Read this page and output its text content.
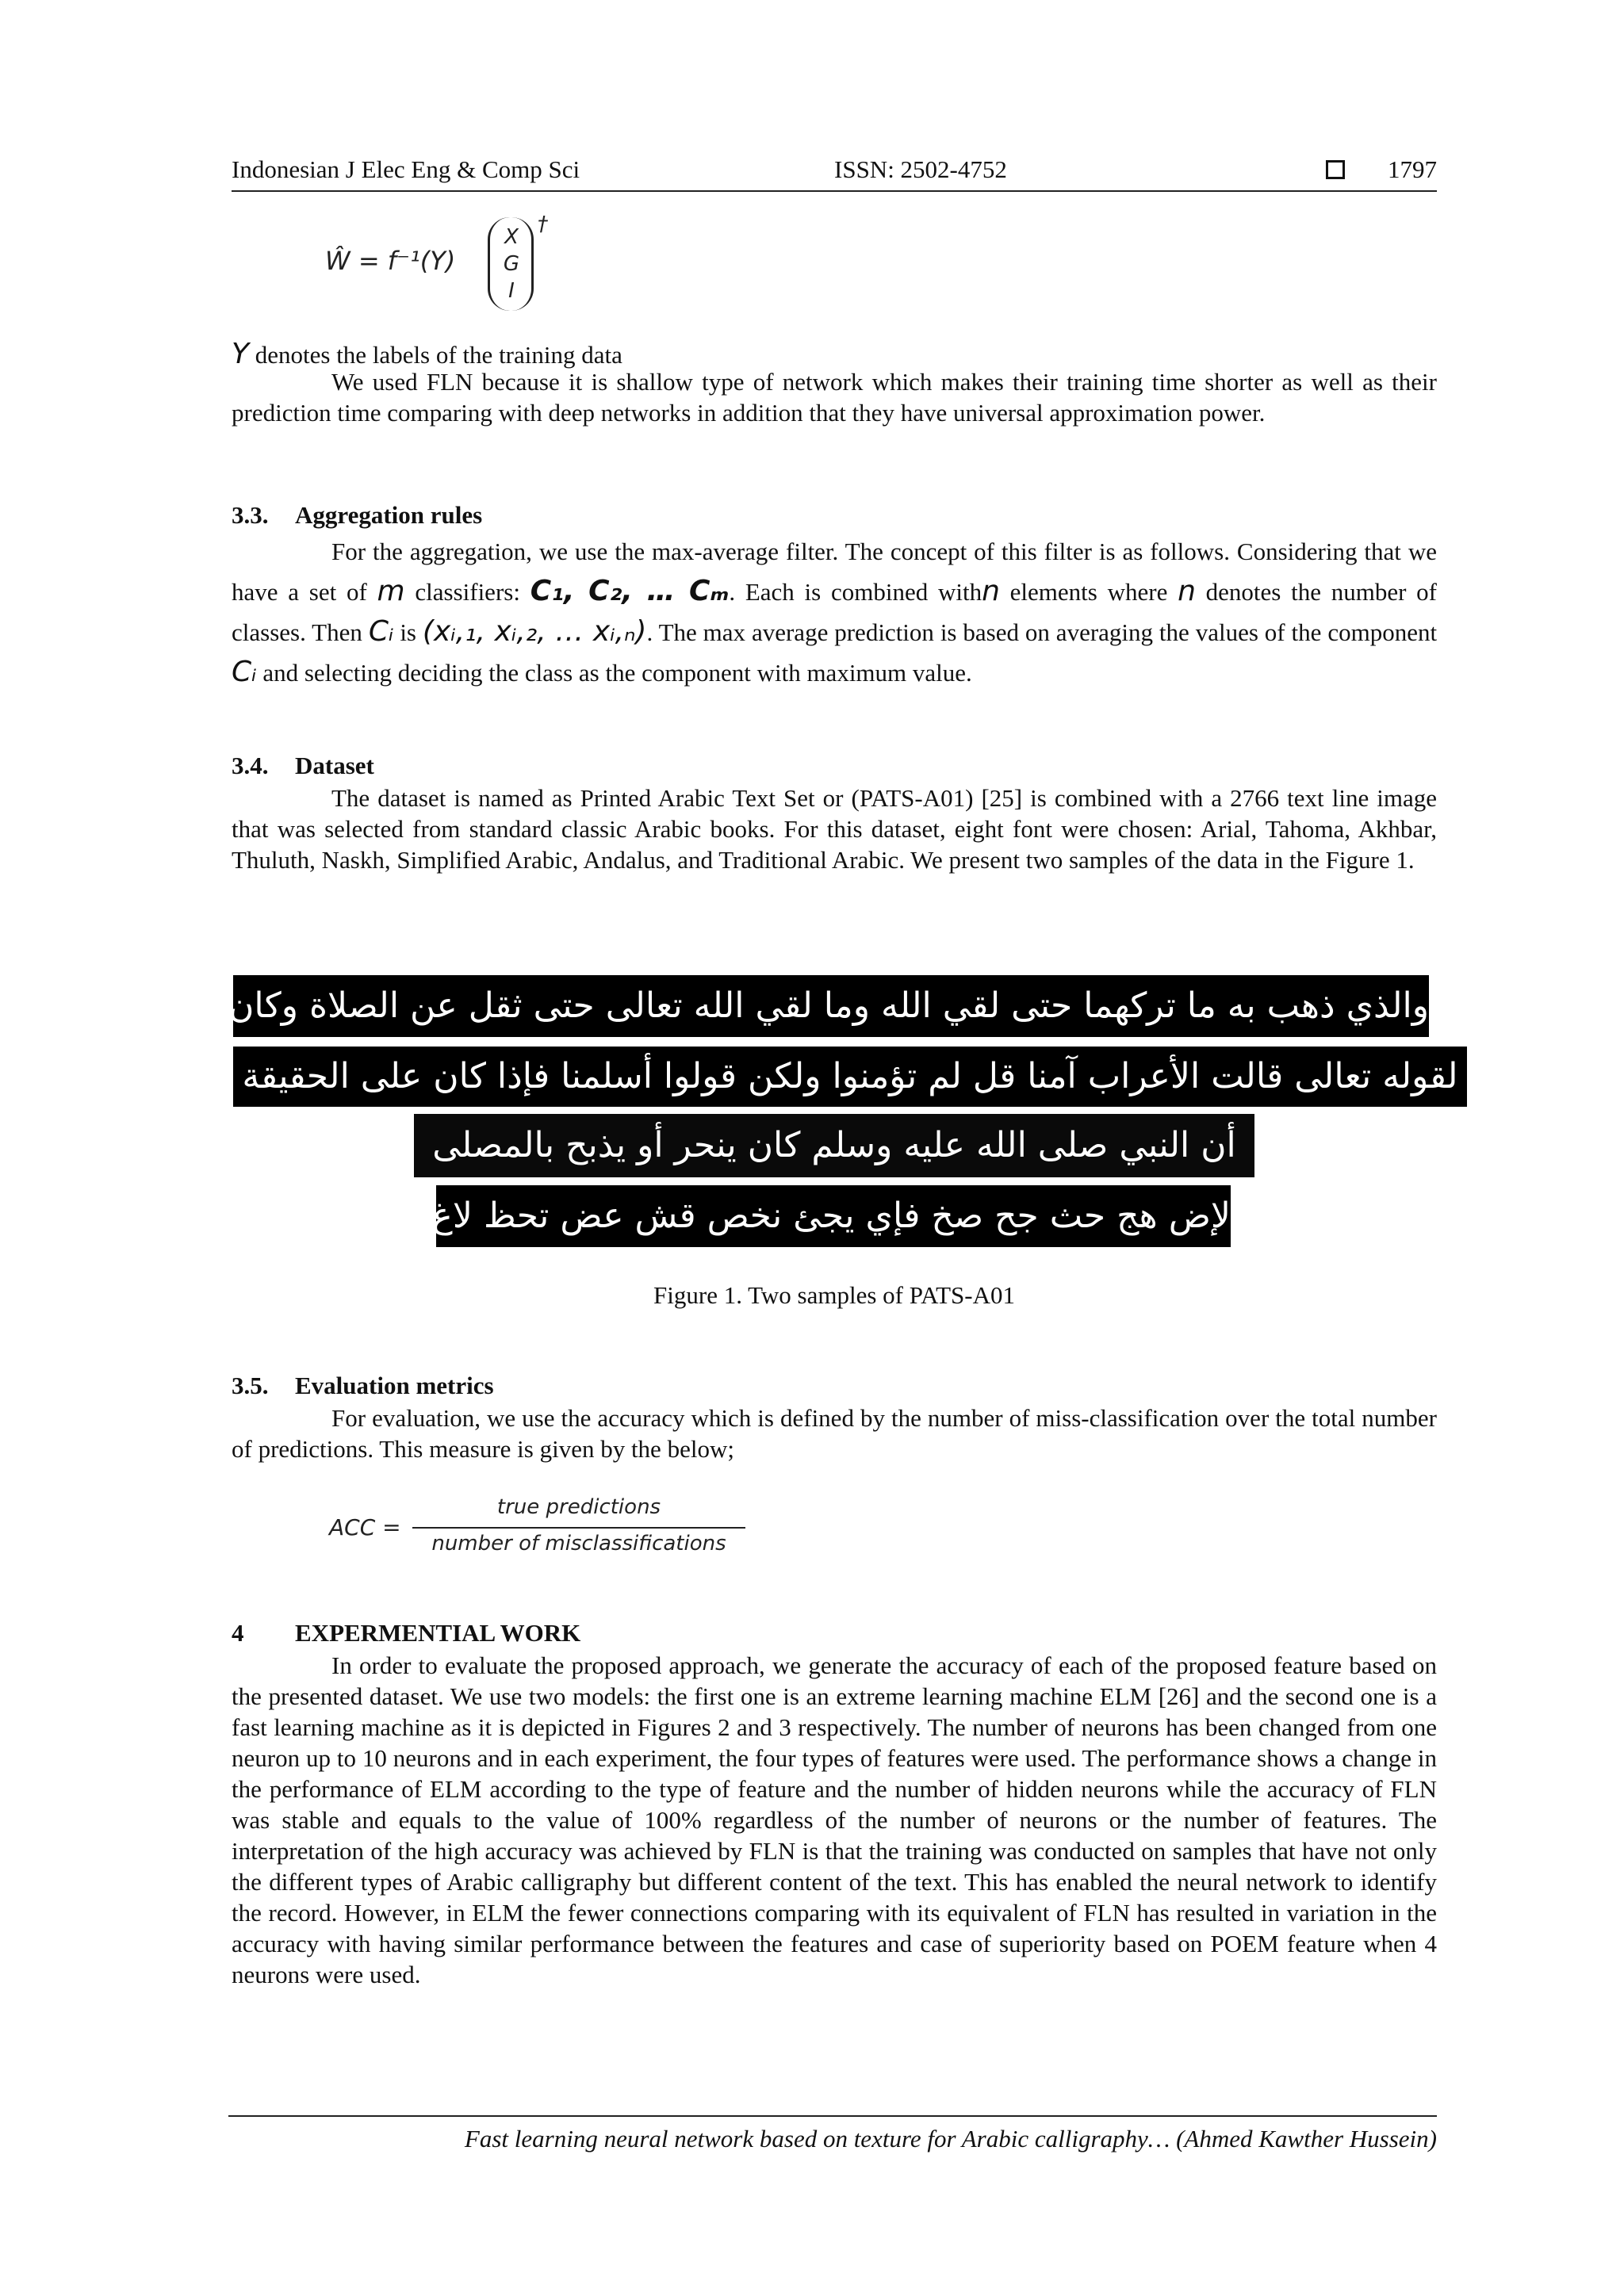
Indonesian J Elec Eng & Comp Sci	ISSN: 2502-4752	1797
Ŵ = f⁻¹(Y)
X
G
I
†
Y denotes the labels of the training data

We used FLN because it is shallow type of network which makes their training time shorter as well as their prediction time comparing with deep networks in addition that they have universal approximation power.

3.3. Aggregation rules
For the aggregation, we use the max-average filter. The concept of this filter is as follows. Considering that we have a set of m classifiers: C₁, C₂, … Cₘ. Each is combined withn elements where n denotes the number of classes. Then Cᵢ is (xᵢ,₁, xᵢ,₂, … xᵢ,ₙ). The max average prediction is based on averaging the values of the component Cᵢ and selecting deciding the class as the component with maximum value.
3.4. Dataset

The dataset is named as Printed Arabic Text Set or (PATS-A01) [25] is combined with a 2766 text line image that was selected from standard classic Arabic books. For this dataset, eight font were chosen: Arial, Tahoma, Akhbar, Thuluth, Naskh, Simplified Arabic, Andalus, and Traditional Arabic. We present two samples of the data in the Figure 1.

والذي ذهب به ما تركهما حتى لقي الله وما لقي الله تعالى حتى ثقل عن الصلاة وكان يصلي كثيرا
لقوله تعالى قالت الأعراب آمنا قل لم تؤمنوا ولكن قولوا أسلمنا فإذا كان على الحقيقة
أن النبي صلى الله عليه وسلم كان ينحر أو يذبح بالمصلى
لإض هج حث جح صخ فإي يجئ نخص قش عض تحظ لاغ للآت
Figure 1. Two samples of PATS-A01
3.5. Evaluation metrics

For evaluation, we use the accuracy which is defined by the number of miss-classification over the total number of predictions. This measure is given by the below;

ACC =
true predictions
number of misclassifications
4 EXPERMENTIAL WORK

In order to evaluate the proposed approach, we generate the accuracy of each of the proposed feature based on the presented dataset. We use two models: the first one is an extreme learning machine ELM [26] and the second one is a fast learning machine as it is depicted in Figures 2 and 3 respectively. The number of neurons has been changed from one neuron up to 10 neurons and in each experiment, the four types of features were used. The performance shows a change in the performance of ELM according to the type of feature and the number of hidden neurons while the accuracy of FLN was stable and equals to the value of 100% regardless of the number of neurons or the number of features. The interpretation of the high accuracy was achieved by FLN is that the training was conducted on samples that have not only the different types of Arabic calligraphy but different content of the text. This has enabled the neural network to identify the record. However, in ELM the fewer connections comparing with its equivalent of FLN has resulted in variation in the accuracy with having similar performance between the features and case of superiority based on POEM feature when 4 neurons were used.

Fast learning neural network based on texture for Arabic calligraphy… (Ahmed Kawther Hussein)
